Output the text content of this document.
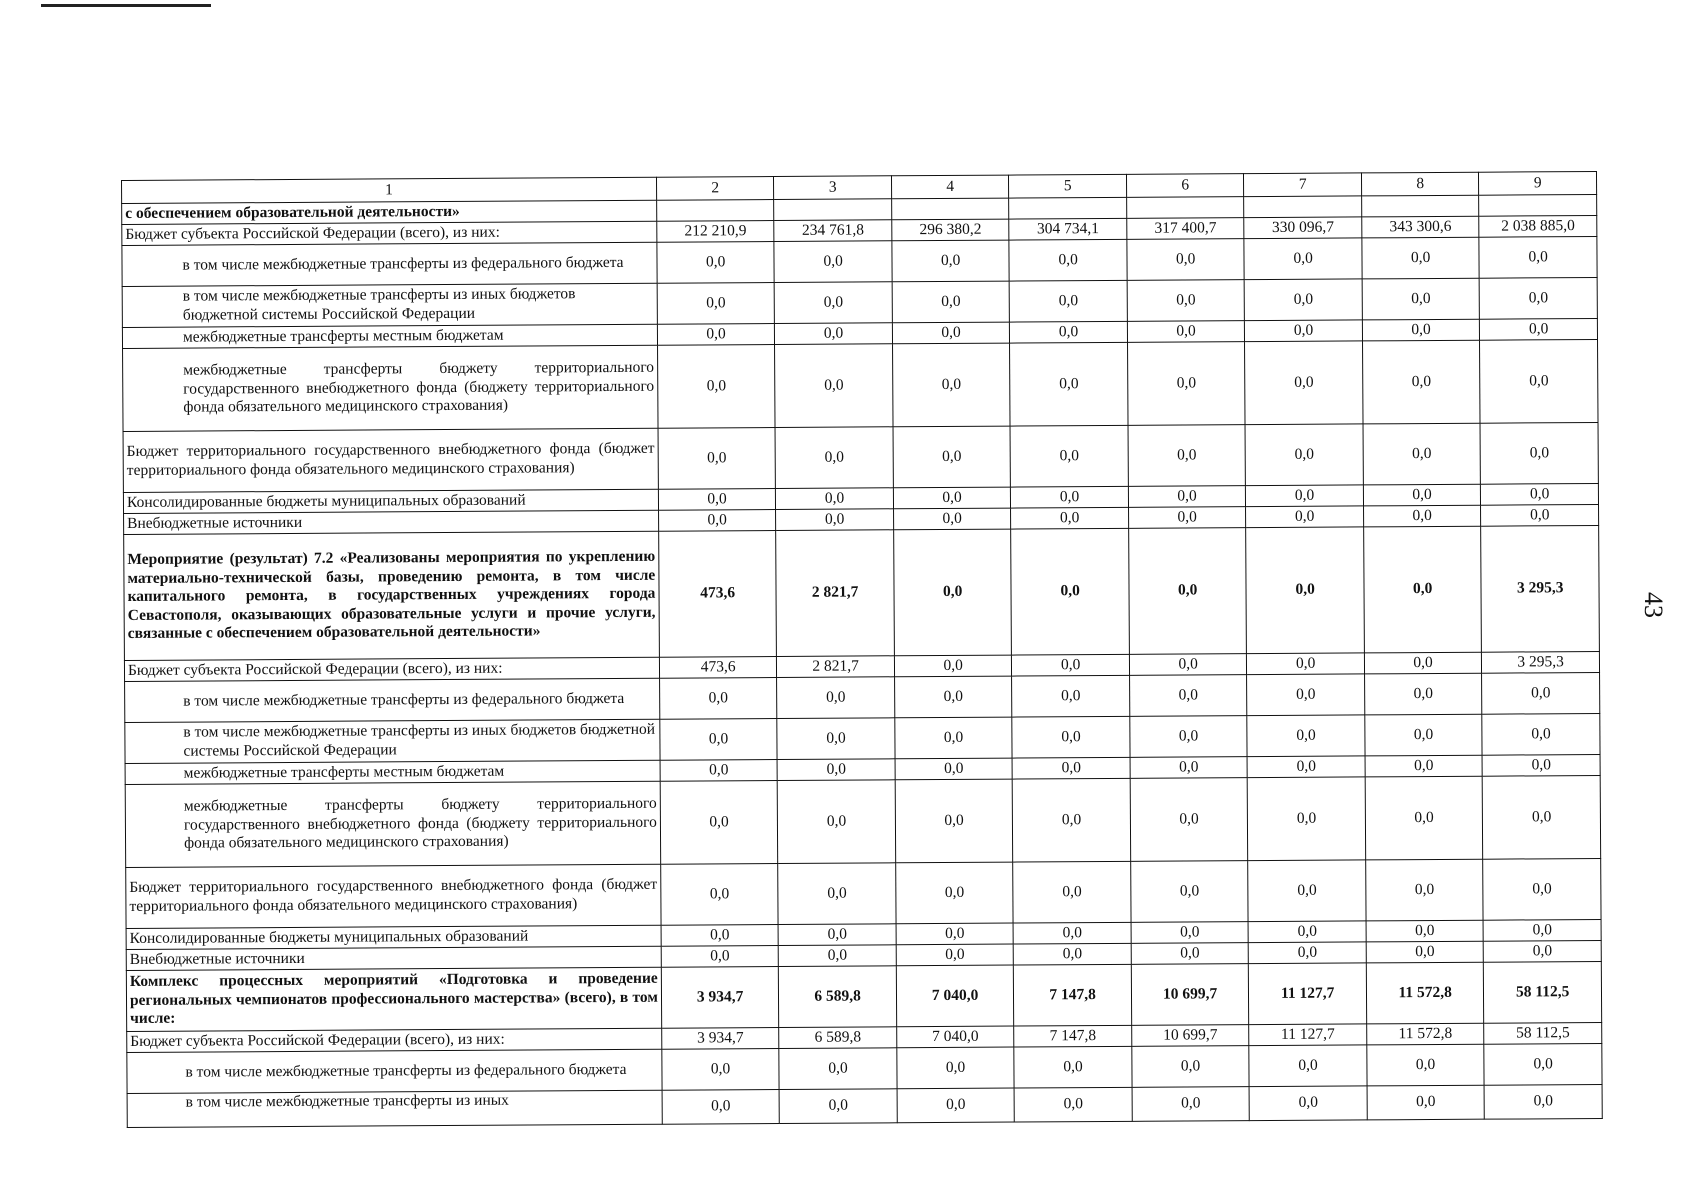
43
1	2	3	4	5	6	7	8	9
с обеспечением образовательной деятельности»								
Бюджет субъекта Российской Федерации (всего), из них:	212 210,9	234 761,8	296 380,2	304 734,1	317 400,7	330 096,7	343 300,6	2 038 885,0
в том числе межбюджетные трансферты из федерального бюджета	0,0	0,0	0,0	0,0	0,0	0,0	0,0	0,0
в том числе межбюджетные трансферты из иных бюджетов бюджетной системы Российской Федерации	0,0	0,0	0,0	0,0	0,0	0,0	0,0	0,0
межбюджетные трансферты местным бюджетам	0,0	0,0	0,0	0,0	0,0	0,0	0,0	0,0
межбюджетные трансферты бюджету территориального государственного внебюджетного фонда (бюджету территориального фонда обязательного медицинского страхования)	0,0	0,0	0,0	0,0	0,0	0,0	0,0	0,0
Бюджет территориального государственного внебюджетного фонда (бюджет территориального фонда обязательного медицинского страхования)	0,0	0,0	0,0	0,0	0,0	0,0	0,0	0,0
Консолидированные бюджеты муниципальных образований	0,0	0,0	0,0	0,0	0,0	0,0	0,0	0,0
Внебюджетные источники	0,0	0,0	0,0	0,0	0,0	0,0	0,0	0,0
Мероприятие (результат) 7.2 «Реализованы мероприятия по укреплению материально-технической базы, проведению ремонта, в том числе капитального ремонта, в государственных учреждениях города Севастополя, оказывающих образовательные услуги и прочие услуги, связанные с обеспечением образовательной деятельности»	473,6	2 821,7	0,0	0,0	0,0	0,0	0,0	3 295,3
Бюджет субъекта Российской Федерации (всего), из них:	473,6	2 821,7	0,0	0,0	0,0	0,0	0,0	3 295,3
в том числе межбюджетные трансферты из федерального бюджета	0,0	0,0	0,0	0,0	0,0	0,0	0,0	0,0
в том числе межбюджетные трансферты из иных бюджетов бюджетной системы Российской Федерации	0,0	0,0	0,0	0,0	0,0	0,0	0,0	0,0
межбюджетные трансферты местным бюджетам	0,0	0,0	0,0	0,0	0,0	0,0	0,0	0,0
межбюджетные трансферты бюджету территориального государственного внебюджетного фонда (бюджету территориального фонда обязательного медицинского страхования)	0,0	0,0	0,0	0,0	0,0	0,0	0,0	0,0
Бюджет территориального государственного внебюджетного фонда (бюджет территориального фонда обязательного медицинского страхования)	0,0	0,0	0,0	0,0	0,0	0,0	0,0	0,0
Консолидированные бюджеты муниципальных образований	0,0	0,0	0,0	0,0	0,0	0,0	0,0	0,0
Внебюджетные источники	0,0	0,0	0,0	0,0	0,0	0,0	0,0	0,0
Комплекс процессных мероприятий «Подготовка и проведение региональных чемпионатов профессионального мастерства» (всего), в том числе:	3 934,7	6 589,8	7 040,0	7 147,8	10 699,7	11 127,7	11 572,8	58 112,5
Бюджет субъекта Российской Федерации (всего), из них:	3 934,7	6 589,8	7 040,0	7 147,8	10 699,7	11 127,7	11 572,8	58 112,5
в том числе межбюджетные трансферты из федерального бюджета	0,0	0,0	0,0	0,0	0,0	0,0	0,0	0,0
в том числе межбюджетные трансферты из иных	0,0	0,0	0,0	0,0	0,0	0,0	0,0	0,0
